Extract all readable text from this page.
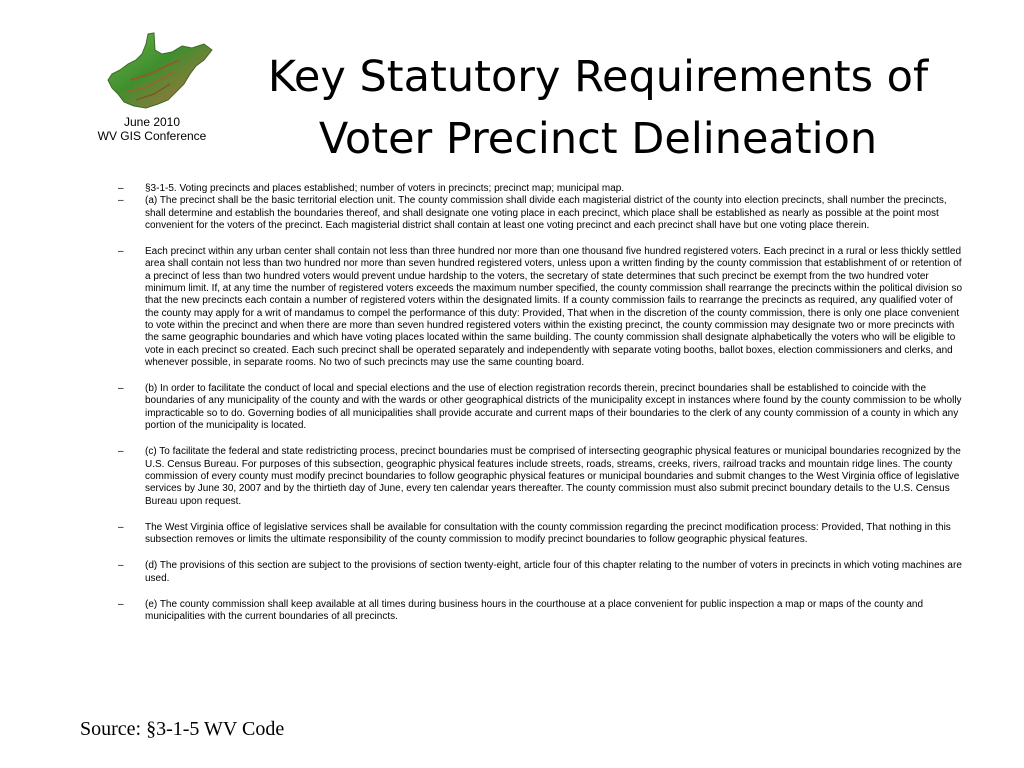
June 2010
WV GIS Conference
Key Statutory Requirements of
Voter Precinct Delineation
– §3-1-5. Voting precincts and places established; number of voters in precincts; precinct map; municipal map.
– (a) The precinct shall be the basic territorial election unit. The county commission shall divide each magisterial district of the county into election precincts, shall number the precincts, shall determine and establish the boundaries thereof, and shall designate one voting place in each precinct, which place shall be established as nearly as possible at the point most convenient for the voters of the precinct. Each magisterial district shall contain at least one voting precinct and each precinct shall have but one voting place therein.
– Each precinct within any urban center shall contain not less than three hundred nor more than one thousand five hundred registered voters. Each precinct in a rural or less thickly settled area shall contain not less than two hundred nor more than seven hundred registered voters, unless upon a written finding by the county commission that establishment of or retention of a precinct of less than two hundred voters would prevent undue hardship to the voters, the secretary of state determines that such precinct be exempt from the two hundred voter minimum limit. If, at any time the number of registered voters exceeds the maximum number specified, the county commission shall rearrange the precincts within the political division so that the new precincts each contain a number of registered voters within the designated limits. If a county commission fails to rearrange the precincts as required, any qualified voter of the county may apply for a writ of mandamus to compel the performance of this duty: Provided, That when in the discretion of the county commission, there is only one place convenient to vote within the precinct and when there are more than seven hundred registered voters within the existing precinct, the county commission may designate two or more precincts with the same geographic boundaries and which have voting places located within the same building. The county commission shall designate alphabetically the voters who will be eligible to vote in each precinct so created. Each such precinct shall be operated separately and independently with separate voting booths, ballot boxes, election commissioners and clerks, and whenever possible, in separate rooms. No two of such precincts may use the same counting board.
– (b) In order to facilitate the conduct of local and special elections and the use of election registration records therein, precinct boundaries shall be established to coincide with the boundaries of any municipality of the county and with the wards or other geographical districts of the municipality except in instances where found by the county commission to be wholly impracticable so to do. Governing bodies of all municipalities shall provide accurate and current maps of their boundaries to the clerk of any county commission of a county in which any portion of the municipality is located.
– (c) To facilitate the federal and state redistricting process, precinct boundaries must be comprised of intersecting geographic physical features or municipal boundaries recognized by the U.S. Census Bureau. For purposes of this subsection, geographic physical features include streets, roads, streams, creeks, rivers, railroad tracks and mountain ridge lines. The county commission of every county must modify precinct boundaries to follow geographic physical features or municipal boundaries and submit changes to the West Virginia office of legislative services by June 30, 2007 and by the thirtieth day of June, every ten calendar years thereafter. The county commission must also submit precinct boundary details to the U.S. Census Bureau upon request.
– The West Virginia office of legislative services shall be available for consultation with the county commission regarding the precinct modification process: Provided, That nothing in this subsection removes or limits the ultimate responsibility of the county commission to modify precinct boundaries to follow geographic physical features.
– (d) The provisions of this section are subject to the provisions of section twenty-eight, article four of this chapter relating to the number of voters in precincts in which voting machines are used.
– (e) The county commission shall keep available at all times during business hours in the courthouse at a place convenient for public inspection a map or maps of the county and municipalities with the current boundaries of all precincts.
Source: §3-1-5 WV Code
